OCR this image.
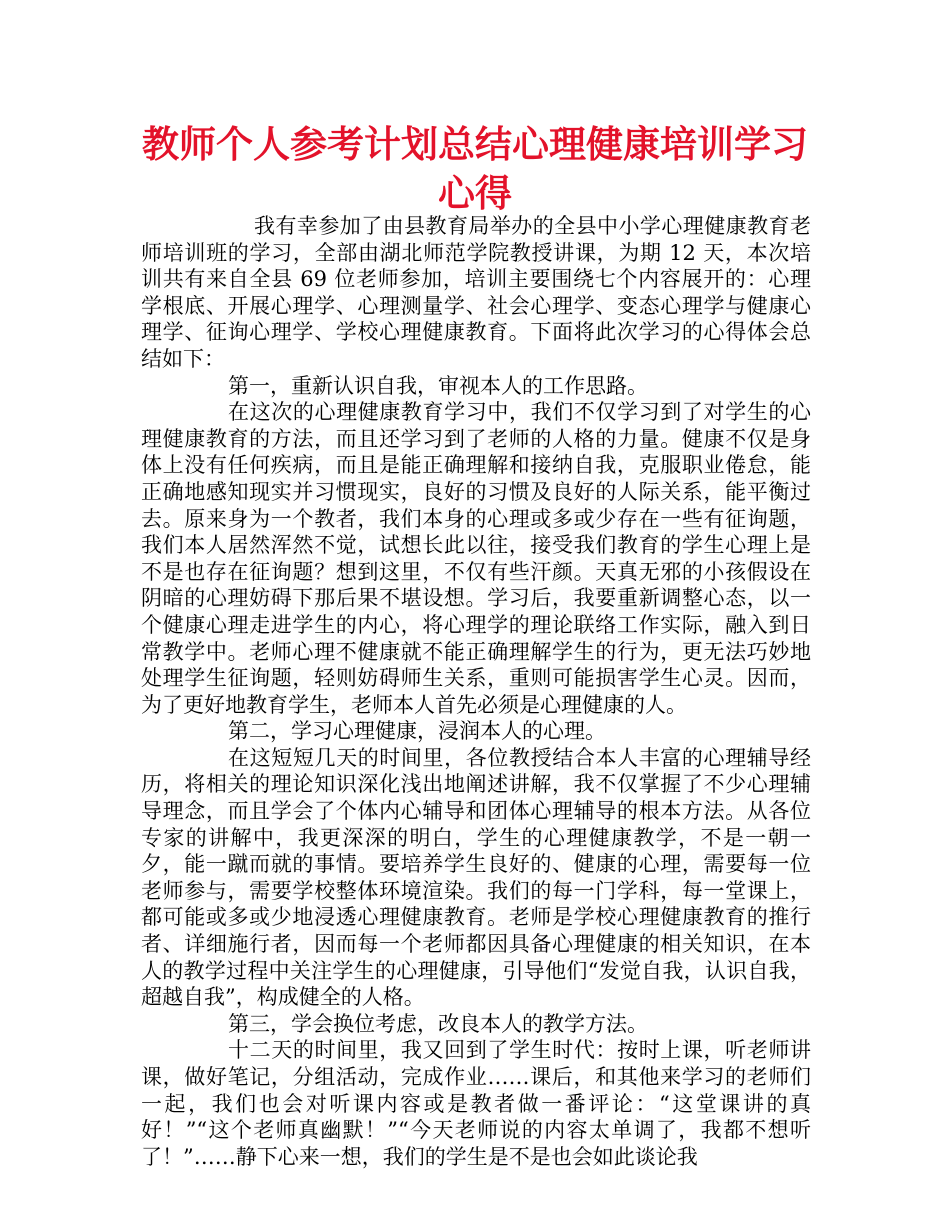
教师个人参考计划总结心理健康培训学习
心得

我有幸参加了由县教育局举办的全县中小学心理健康教育老师培训班的学习，全部由湖北师范学院教授讲课，为期 12 天，本次培训共有来自全县 69 位老师参加，培训主要围绕七个内容展开的：心理学根底、开展心理学、心理测量学、社会心理学、变态心理学与健康心理学、征询心理学、学校心理健康教育。下面将此次学习的心得体会总结如下：

第一，重新认识自我，审视本人的工作思路。

在这次的心理健康教育学习中，我们不仅学习到了对学生的心理健康教育的方法，而且还学习到了老师的人格的力量。健康不仅是身体上没有任何疾病，而且是能正确理解和接纳自我，克服职业倦怠，能正确地感知现实并习惯现实，良好的习惯及良好的人际关系，能平衡过去。原来身为一个教者，我们本身的心理或多或少存在一些有征询题，我们本人居然浑然不觉，试想长此以往，接受我们教育的学生心理上是不是也存在征询题？想到这里，不仅有些汗颜。天真无邪的小孩假设在阴暗的心理妨碍下那后果不堪设想。学习后，我要重新调整心态，以一个健康心理走进学生的内心，将心理学的理论联络工作实际，融入到日常教学中。老师心理不健康就不能正确理解学生的行为，更无法巧妙地处理学生征询题，轻则妨碍师生关系，重则可能损害学生心灵。因而，为了更好地教育学生，老师本人首先必须是心理健康的人。

第二，学习心理健康，浸润本人的心理。

在这短短几天的时间里，各位教授结合本人丰富的心理辅导经历，将相关的理论知识深化浅出地阐述讲解，我不仅掌握了不少心理辅导理念，而且学会了个体内心辅导和团体心理辅导的根本方法。从各位专家的讲解中，我更深深的明白，学生的心理健康教学，不是一朝一夕，能一蹴而就的事情。要培养学生良好的、健康的心理，需要每一位老师参与，需要学校整体环境渲染。我们的每一门学科，每一堂课上，都可能或多或少地浸透心理健康教育。老师是学校心理健康教育的推行者、详细施行者，因而每一个老师都因具备心理健康的相关知识，在本人的教学过程中关注学生的心理健康，引导他们“发觉自我，认识自我，超越自我”，构成健全的人格。

第三，学会换位考虑，改良本人的教学方法。

十二天的时间里，我又回到了学生时代：按时上课，听老师讲课，做好笔记，分组活动，完成作业……课后，和其他来学习的老师们一起，我们也会对听课内容或是教者做一番评论：“这堂课讲的真好！”“这个老师真幽默！”“今天老师说的内容太单调了，我都不想听了！”……静下心来一想，我们的学生是不是也会如此谈论我
